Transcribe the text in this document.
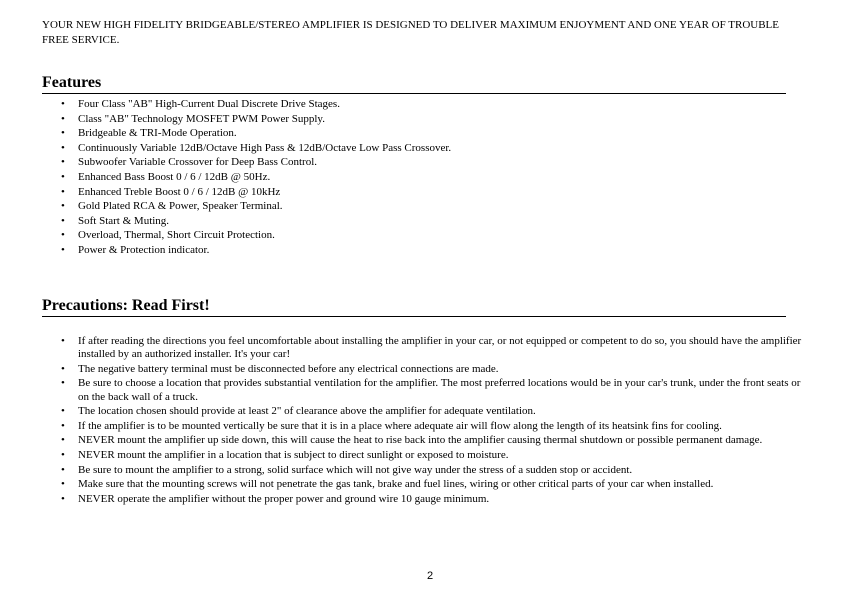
YOUR NEW HIGH FIDELITY BRIDGEABLE/STEREO AMPLIFIER IS DESIGNED TO DELIVER MAXIMUM ENJOYMENT AND ONE YEAR OF TROUBLE FREE SERVICE.

Features
• Four Class "AB" High-Current Dual Discrete Drive Stages.
• Class "AB" Technology MOSFET PWM Power Supply.
• Bridgeable & TRI-Mode Operation.
• Continuously Variable 12dB/Octave High Pass & 12dB/Octave Low Pass Crossover.
• Subwoofer Variable Crossover for Deep Bass Control.
• Enhanced Bass Boost 0 / 6 / 12dB @ 50Hz.
• Enhanced Treble Boost 0 / 6 / 12dB @ 10kHz
• Gold Plated RCA & Power, Speaker Terminal.
• Soft Start & Muting.
• Overload, Thermal, Short Circuit Protection.
• Power & Protection indicator.
Precautions: Read First!
• If after reading the directions you feel uncomfortable about installing the amplifier in your car, or not equipped or competent to do so, you should have the amplifier installed by an authorized installer. It's your car!
• The negative battery terminal must be disconnected before any electrical connections are made.
• Be sure to choose a location that provides substantial ventilation for the amplifier. The most preferred locations would be in your car's trunk, under the front seats or on the back wall of a truck.
• The location chosen should provide at least 2" of clearance above the amplifier for adequate ventilation.
• If the amplifier is to be mounted vertically be sure that it is in a place where adequate air will flow along the length of its heatsink fins for cooling.
• NEVER mount the amplifier up side down, this will cause the heat to rise back into the amplifier causing thermal shutdown or possible permanent damage.
• NEVER mount the amplifier in a location that is subject to direct sunlight or exposed to moisture.
• Be sure to mount the amplifier to a strong, solid surface which will not give way under the stress of a sudden stop or accident.
• Make sure that the mounting screws will not penetrate the gas tank, brake and fuel lines, wiring or other critical parts of your car when installed.
• NEVER operate the amplifier without the proper power and ground wire 10 gauge minimum.
2
